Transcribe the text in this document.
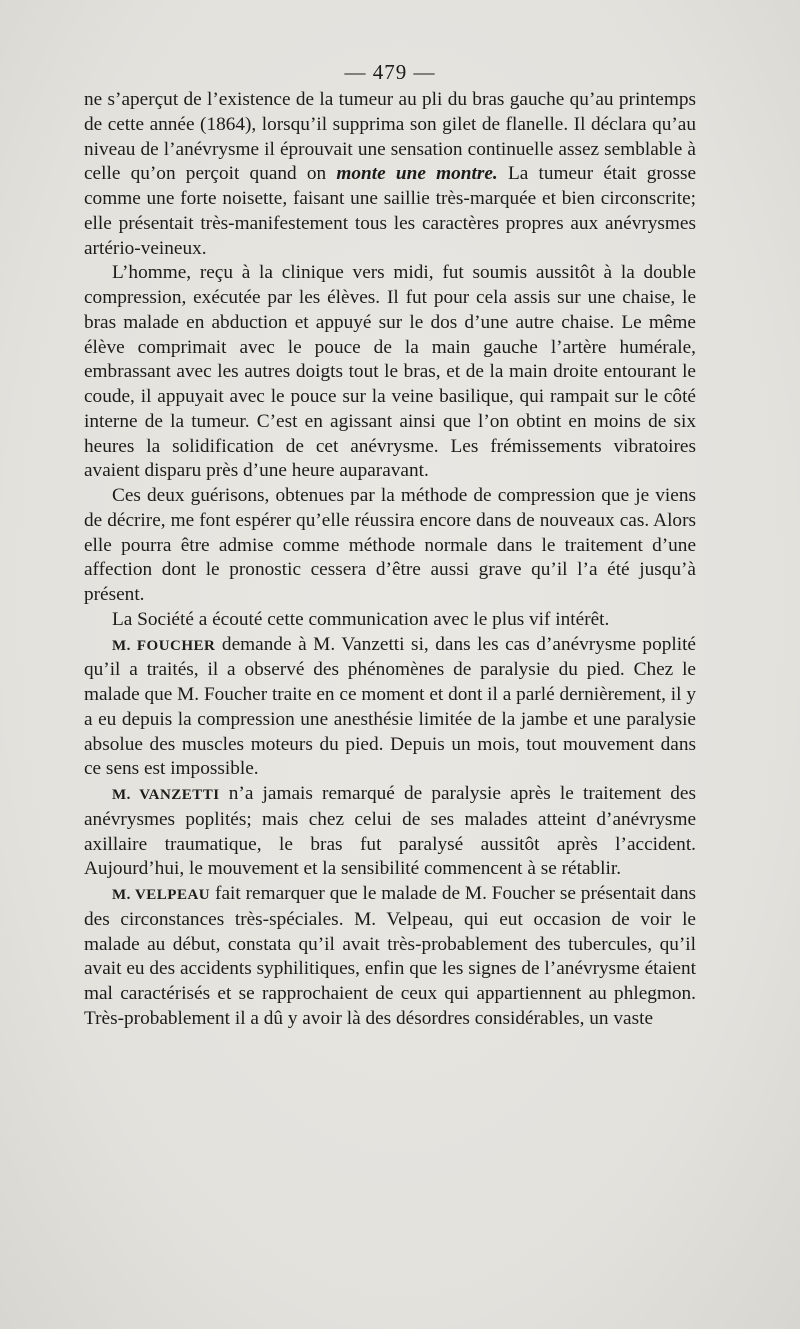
— 479 —

ne s’aperçut de l’existence de la tumeur au pli du bras gauche qu’au printemps de cette année (1864), lorsqu’il supprima son gilet de flanelle. Il déclara qu’au niveau de l’anévrysme il éprouvait une sensation continuelle assez semblable à celle qu’on perçoit quand on monte une montre. La tumeur était grosse comme une forte noisette, faisant une saillie très-marquée et bien circonscrite; elle présentait très-manifestement tous les caractères propres aux anévrysmes artério-veineux.

L’homme, reçu à la clinique vers midi, fut soumis aussitôt à la double compression, exécutée par les élèves. Il fut pour cela assis sur une chaise, le bras malade en abduction et appuyé sur le dos d’une autre chaise. Le même élève comprimait avec le pouce de la main gauche l’artère humérale, embrassant avec les autres doigts tout le bras, et de la main droite entourant le coude, il appuyait avec le pouce sur la veine basilique, qui rampait sur le côté interne de la tumeur. C’est en agissant ainsi que l’on obtint en moins de six heures la solidification de cet anévrysme. Les frémissements vibratoires avaient disparu près d’une heure auparavant.

Ces deux guérisons, obtenues par la méthode de compression que je viens de décrire, me font espérer qu’elle réussira encore dans de nouveaux cas. Alors elle pourra être admise comme méthode normale dans le traitement d’une affection dont le pronostic cessera d’être aussi grave qu’il l’a été jusqu’à présent.

La Société a écouté cette communication avec le plus vif intérêt.

M. FOUCHER demande à M. Vanzetti si, dans les cas d’anévrysme poplité qu’il a traités, il a observé des phénomènes de paralysie du pied. Chez le malade que M. Foucher traite en ce moment et dont il a parlé dernièrement, il y a eu depuis la compression une anesthésie limitée de la jambe et une paralysie absolue des muscles moteurs du pied. Depuis un mois, tout mouvement dans ce sens est impossible.

M. VANZETTI n’a jamais remarqué de paralysie après le traitement des anévrysmes poplités; mais chez celui de ses malades atteint d’anévrysme axillaire traumatique, le bras fut paralysé aussitôt après l’accident. Aujourd’hui, le mouvement et la sensibilité commencent à se rétablir.

M. VELPEAU fait remarquer que le malade de M. Foucher se présentait dans des circonstances très-spéciales. M. Velpeau, qui eut occasion de voir le malade au début, constata qu’il avait très-probablement des tubercules, qu’il avait eu des accidents syphilitiques, enfin que les signes de l’anévrysme étaient mal caractérisés et se rapprochaient de ceux qui appartiennent au phlegmon. Très-probablement il a dû y avoir là des désordres considérables, un vaste
